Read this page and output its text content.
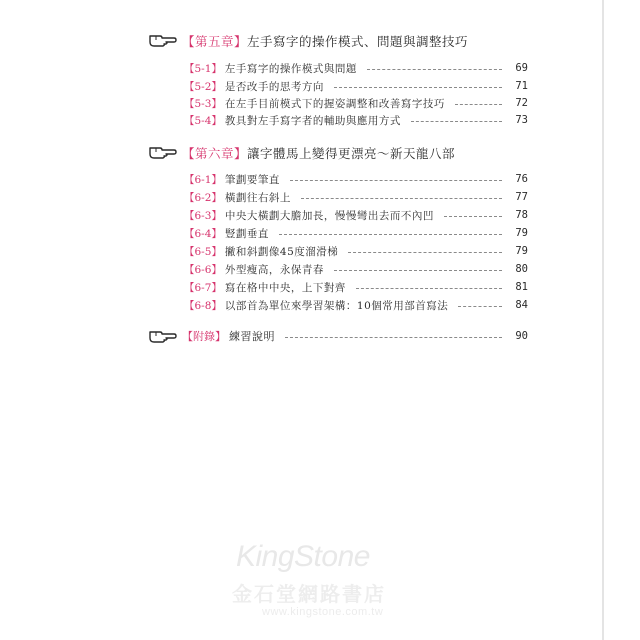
【第五章】左手寫字的操作模式、問題與調整技巧
【5-1】 左手寫字的操作模式與問題	69
【5-2】 是否改手的思考方向	71
【5-3】 在左手目前模式下的握姿調整和改善寫字技巧	72
【5-4】 教具對左手寫字者的輔助與應用方式	73
【第六章】讓字體馬上變得更漂亮～新天龍八部
【6-1】 筆劃要筆直	76
【6-2】 橫劃往右斜上	77
【6-3】 中央大橫劃大膽加長，慢慢彎出去而不內凹	78
【6-4】 豎劃垂直	79
【6-5】 撇和斜劃像45度溜滑梯	79
【6-6】 外型瘦高，永保青春	80
【6-7】 寫在格中中央，上下對齊	81
【6-8】 以部首為單位來學習架構：10個常用部首寫法	84
【附錄】 練習說明	90
KingStone
金石堂網路書店
www.kingstone.com.tw
